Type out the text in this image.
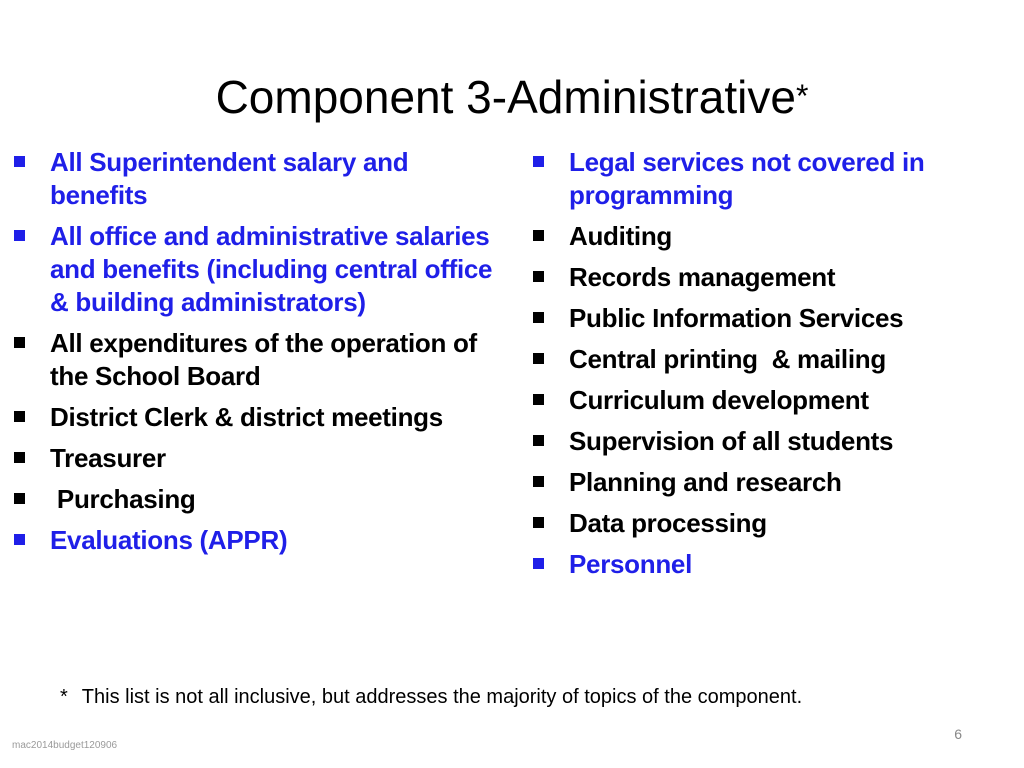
Component 3-Administrative*
All Superintendent salary and benefits
All office and administrative salaries and benefits (including central office & building administrators)
All expenditures of the operation of the School Board
District Clerk & district meetings
Treasurer
Purchasing
Evaluations (APPR)
Legal services not covered in programming
Auditing
Records management
Public Information Services
Central printing  & mailing
Curriculum development
Supervision of all students
Planning and research
Data processing
Personnel
* This list is not all inclusive, but addresses the majority of topics of the component.
6
mac2014budget120906
